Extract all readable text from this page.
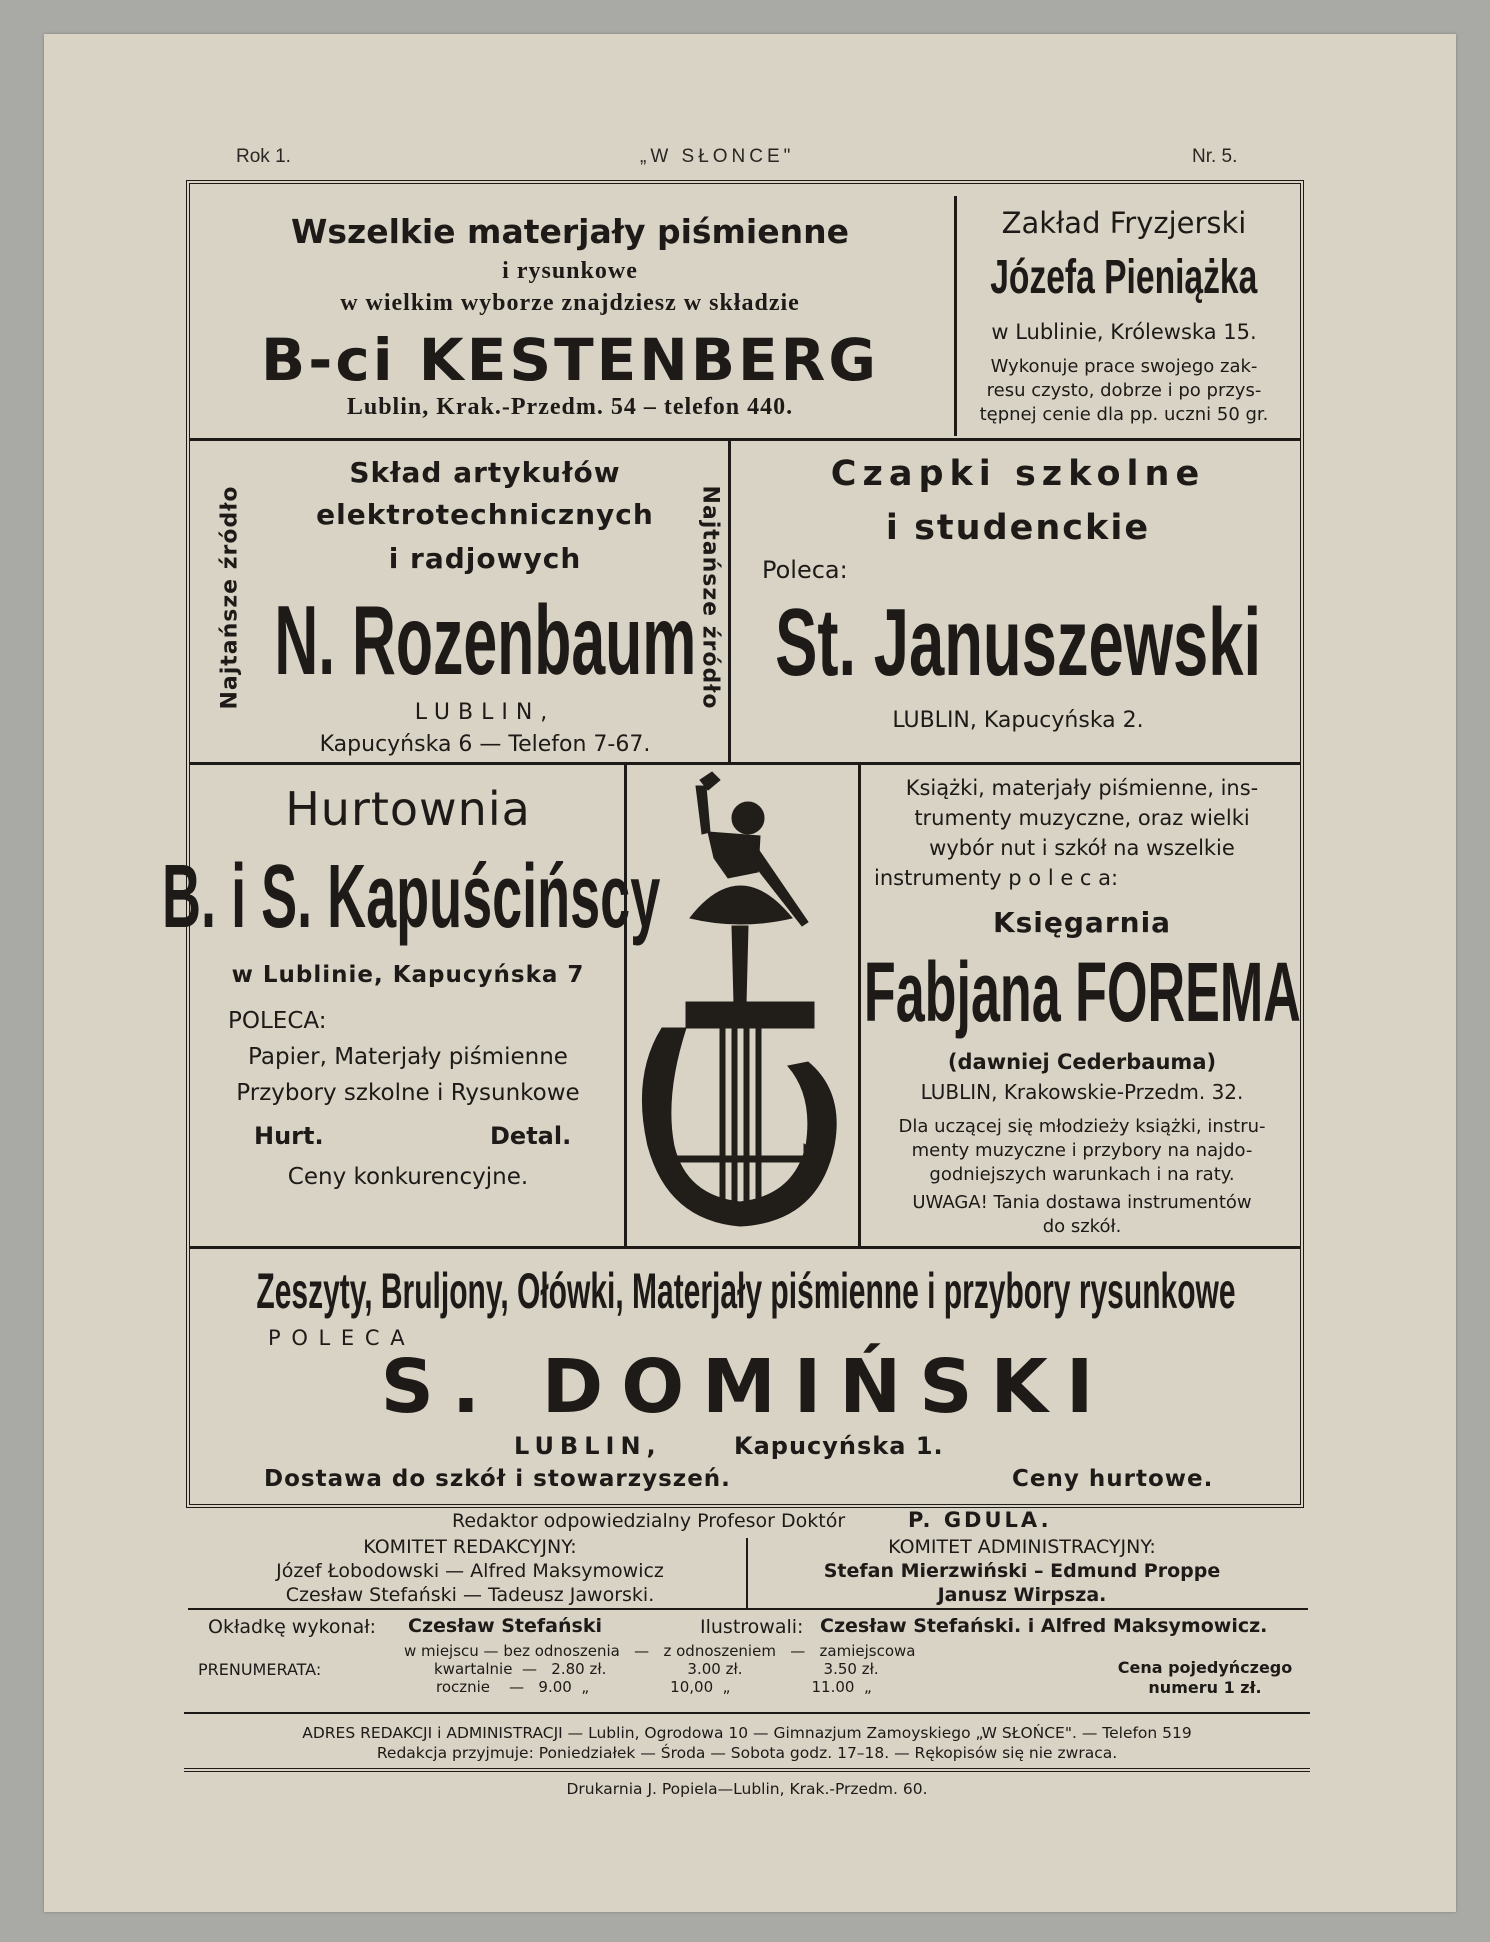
Rok 1.	„W SŁONCE"	Nr. 5.
Wszelkie materjały piśmienne
i rysunkowe
w wielkim wyborze znajdziesz w składzie
B-ci KESTENBERG
Lublin, Krak.-Przedm. 54 – telefon 440.
Zakład Fryzjerski
Józefa Pieniążka
w Lublinie, Królewska 15.
Wykonuje prace swojego zak-
resu czysto, dobrze i po przys-
tępnej cenie dla pp. uczni 50 gr.
Najtańsze źródło
Skład artykułów
elektrotechnicznych
i radjowych
N. Rozenbaum
LUBLIN,
Kapucyńska 6 — Telefon 7-67.
Najtańsze źródło
Czapki szkolne
i studenckie
Poleca:
St. Januszewski
LUBLIN, Kapucyńska 2.
Hurtownia
B. i S. Kapuścińscy
w Lublinie, Kapucyńska 7
POLECA:
Papier, Materjały piśmienne
Przybory szkolne i Rysunkowe
Hurt.	Detal.
Ceny konkurencyjne.
Książki, materjały piśmienne, ins-
trumenty muzyczne, oraz wielki
wybór nut i szkół na wszelkie
instrumenty p o l e c a:
Księgarnia
Fabjana FOREMA
(dawniej Cederbauma)
LUBLIN, Krakowskie-Przedm. 32.
Dla uczącej się młodzieży książki, instru-
menty muzyczne i przybory na najdo-
godniejszych warunkach i na raty.
UWAGA! Tania dostawa instrumentów
do szkół.
Zeszyty, Bruljony, Ołówki, Materjały piśmienne i przybory rysunkowe
P O L E C A
S. DOMIŃSKI
LUBLIN,	Kapucyńska 1.
Dostawa do szkół i stowarzyszeń.	Ceny hurtowe.
Redaktor odpowiedzialny Profesor Doktór	P. GDULA.
KOMITET REDAKCYJNY:
Józef Łobodowski — Alfred Maksymowicz
Czesław Stefański — Tadeusz Jaworski.
KOMITET ADMINISTRACYJNY:
Stefan Mierzwiński – Edmund Proppe
Janusz Wirpsza.
Okładkę wykonał: Czesław Stefański	Ilustrowali: Czesław Stefański. i Alfred Maksymowicz.
PRENUMERATA:
w miejscu — bez odnoszenia   —   z odnoszeniem   —   zamiejscowa
kwartalnie  —   2.80 zł.                 3.00 zł.                 3.50 zł.
rocznie    —   9.00  „                 10,00  „                 11.00  „
Cena pojedyńczego
numeru 1 zł.
ADRES REDAKCJI i ADMINISTRACJI — Lublin, Ogrodowa 10 — Gimnazjum Zamoyskiego „W SŁOŃCE". — Telefon 519
Redakcja przyjmuje: Poniedziałek — Środa — Sobota godz. 17–18. — Rękopisów się nie zwraca.
Drukarnia J. Popiela—Lublin, Krak.-Przedm. 60.
